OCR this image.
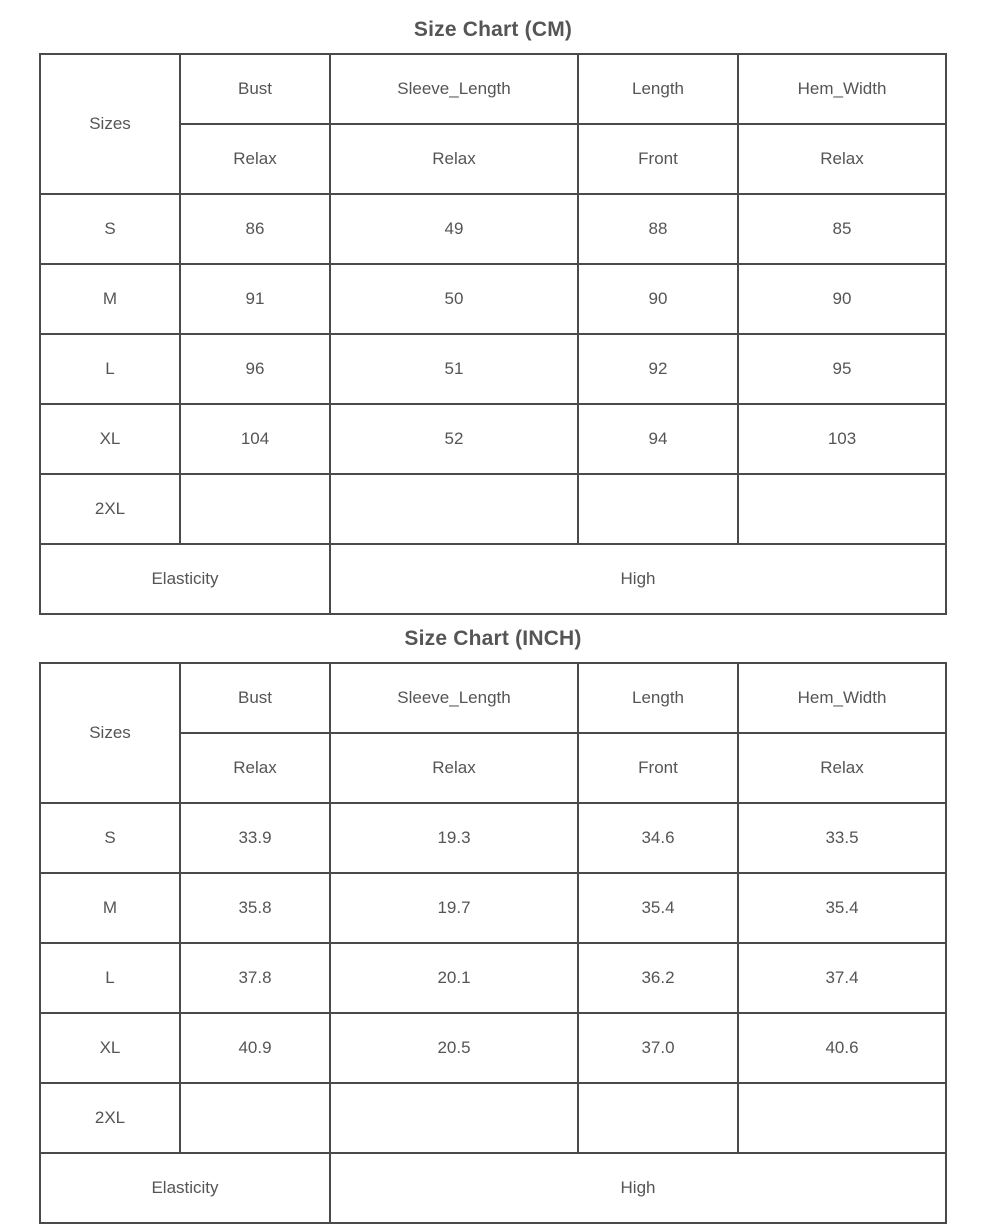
Size Chart (CM)
Sizes	Bust	Sleeve_Length	Length	Hem_Width
	Relax	Relax	Front	Relax
S	86	49	88	85
M	91	50	90	90
L	96	51	92	95
XL	104	52	94	103
2XL				
Elasticity		High		
Size Chart (INCH)
Sizes	Bust	Sleeve_Length	Length	Hem_Width
	Relax	Relax	Front	Relax
S	33.9	19.3	34.6	33.5
M	35.8	19.7	35.4	35.4
L	37.8	20.1	36.2	37.4
XL	40.9	20.5	37.0	40.6
2XL				
Elasticity		High		
